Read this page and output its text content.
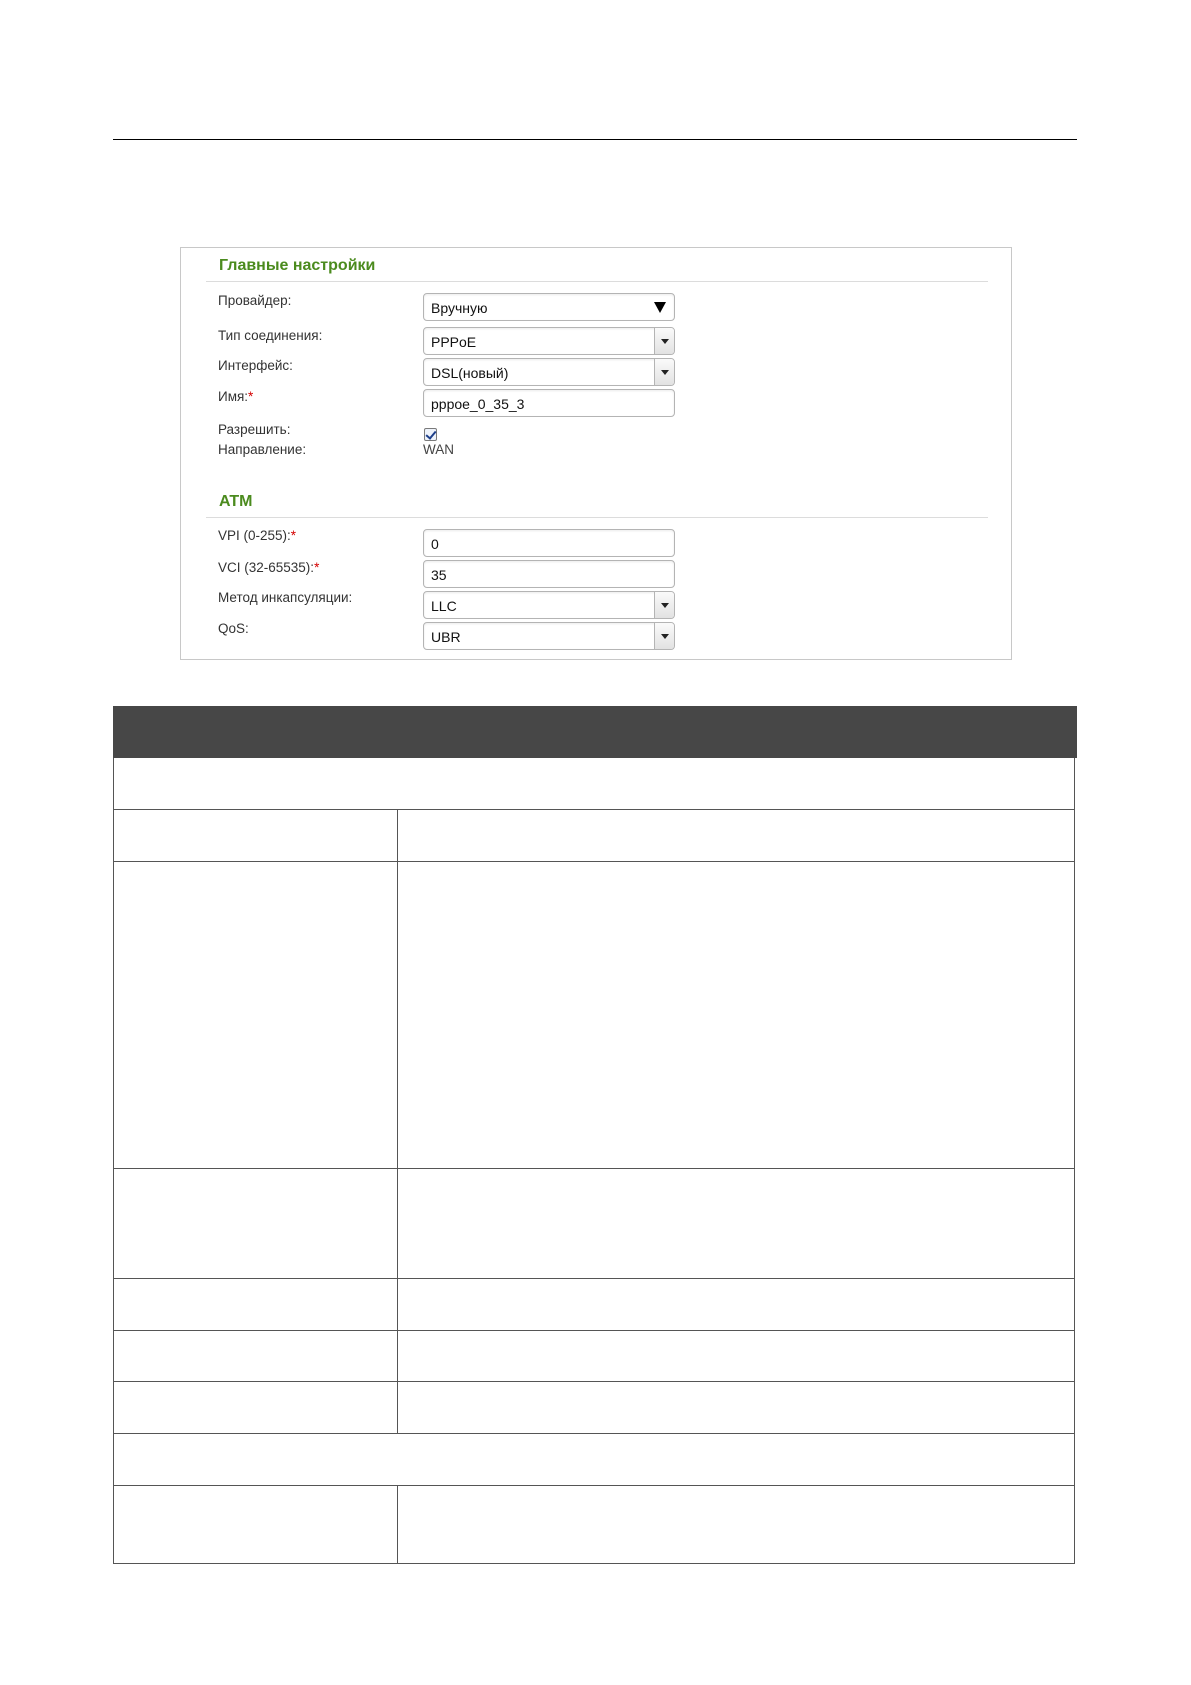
Главные настройки
Провайдер:	Вручную
Тип соединения:	PPPoE
Интерфейс:	DSL(новый)
Имя:*	pppoe_0_35_3
Разрешить:
Направление:	WAN
ATM
VPI (0-255):*
0
VCI (32-65535):*	35
Метод инкапсуляции:
LLC
QoS:
UBR
